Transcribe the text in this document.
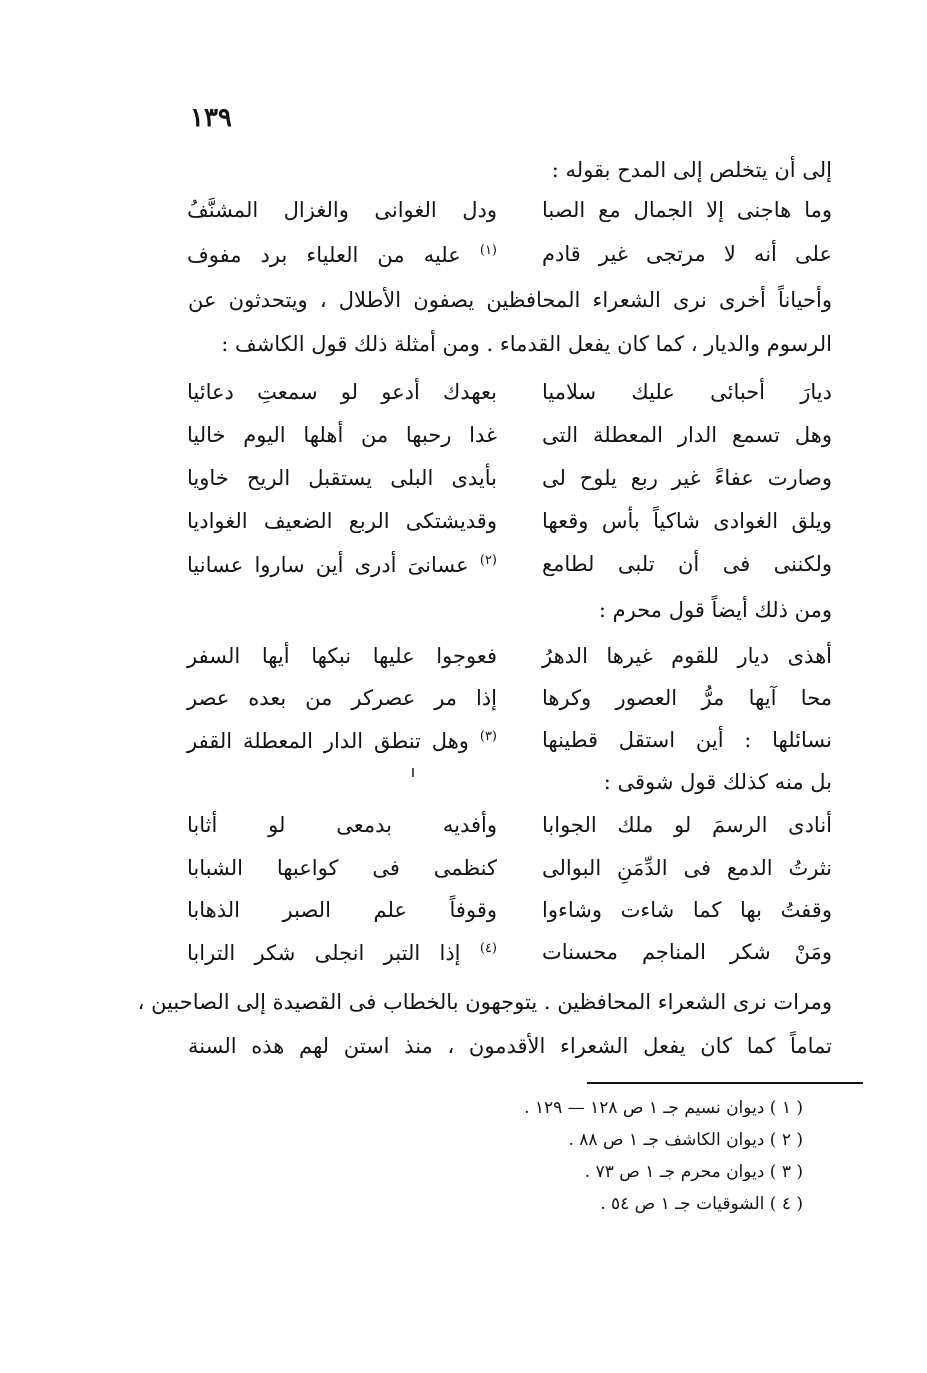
١٣٩
إلى أن يتخلص إلى المدح بقوله :
وما هاجنى إلا الجمال مع الصبا
ودل الغوانى والغزال المشنَّفُ
على أنه لا مرتجى غير قادم
$^{(١)}$ عليه من العلياء برد مفوف
وأحياناً أخرى نرى الشعراء المحافظين يصفون الأطلال ، ويتحدثون عن
الرسوم والديار ، كما كان يفعل القدماء . ومن أمثلة ذلك قول الكاشف :
ديارَ أحبائى عليك سلاميا
بعهدك أدعو لو سمعتِ دعائيا
وهل تسمع الدار المعطلة التى
غدا رحبها من أهلها اليوم خاليا
وصارت عفاءً غير ربع يلوح لى
بأيدى البلى يستقبل الريح خاويا
ويلق الغوادى شاكياً بأس وقعها
وقديشتكى الربع الضعيف الغواديا
ولكننى فى أن تلبى لطامع
$^{(٢)}$ عسانىَ أدرى أين ساروا عسانيا
ومن ذلك أيضاً قول محرم :
أهذى ديار للقوم غيرها الدهرُ
فعوجوا عليها نبكها أيها السفر
محا آيها مرُّ العصور وكرها
إذا مر عصركر من بعده عصر
نسائلها : أين استقل قطينها
$^{(٣)}$ وهل تنطق الدار المعطلة القفر
بل منه كذلك قول شوقى :
أنادى الرسمَ لو ملك الجوابا
وأفديه بدمعى لو أثابا
نثرتُ الدمع فى الدِّمَنِ البوالى
كنظمى فى كواعبها الشبابا
وقفتُ بها كما شاءت وشاءوا
وقوفاً علم الصبر الذهابا
ومَنْ شكر المناجم محسنات
$^{(٤)}$ إذا التبر انجلى شكر الترابا
ومرات نرى الشعراء المحافظين . يتوجهون بالخطاب فى القصيدة إلى الصاحبين ،
تماماً كما كان يفعل الشعراء الأقدمون ، منذ استن لهم هذه السنة
( ١ ) ديوان نسيم جـ ١ ص ١٢٨ — ١٢٩ .
( ٢ ) ديوان الكاشف جـ ١ ص ٨٨ .
( ٣ ) ديوان محرم جـ ١ ص ٧٣ .
( ٤ ) الشوقيات جـ ١ ص ٥٤ .
